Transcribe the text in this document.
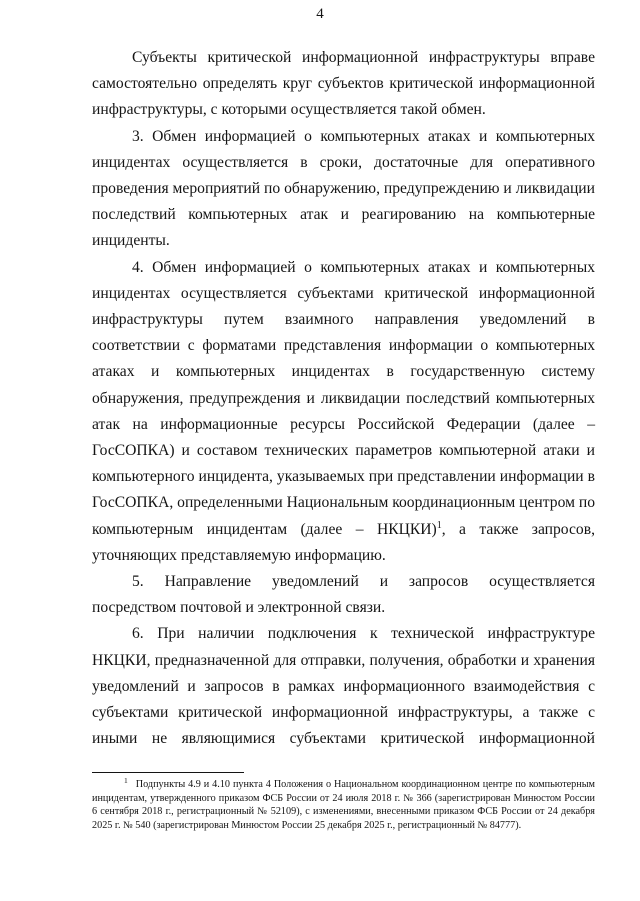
4

Субъекты критической информационной инфраструктуры вправе самостоятельно определять круг субъектов критической информационной инфраструктуры, с которыми осуществляется такой обмен.

3. Обмен информацией о компьютерных атаках и компьютерных инцидентах осуществляется в сроки, достаточные для оперативного проведения мероприятий по обнаружению, предупреждению и ликвидации последствий компьютерных атак и реагированию на компьютерные инциденты.

4. Обмен информацией о компьютерных атаках и компьютерных инцидентах осуществляется субъектами критической информационной инфраструктуры путем взаимного направления уведомлений в соответствии с форматами представления информации о компьютерных атаках и компьютерных инцидентах в государственную систему обнаружения, предупреждения и ликвидации последствий компьютерных атак на информационные ресурсы Российской Федерации (далее – ГосСОПКА) и составом технических параметров компьютерной атаки и компьютерного инцидента, указываемых при представлении информации в ГосСОПКА, определенными Национальным координационным центром по компьютерным инцидентам (далее – НКЦКИ)$^1$, а также запросов, уточняющих представляемую информацию.

5. Направление уведомлений и запросов осуществляется посредством почтовой и электронной связи.

6. При наличии подключения к технической инфраструктуре НКЦКИ, предназначенной для отправки, получения, обработки и хранения уведомлений и запросов в рамках информационного взаимодействия с субъектами критической информационной инфраструктуры, а также с иными не являющимися субъектами критической информационной

$^1$ Подпункты 4.9 и 4.10 пункта 4 Положения о Национальном координационном центре по компьютерным инцидентам, утвержденного приказом ФСБ России от 24 июля 2018 г. № 366 (зарегистрирован Минюстом России 6 сентября 2018 г., регистрационный № 52109), с изменениями, внесенными приказом ФСБ России от 24 декабря 2025 г. № 540 (зарегистрирован Минюстом России 25 декабря 2025 г., регистрационный № 84777).
